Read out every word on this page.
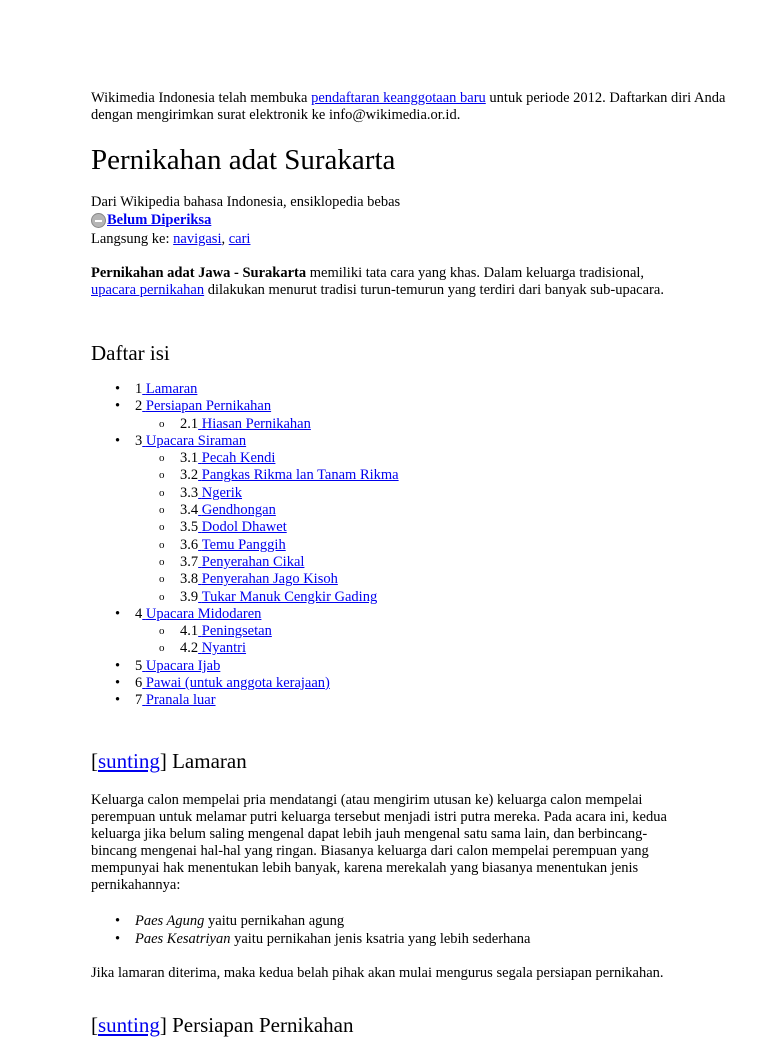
Wikimedia Indonesia telah membuka pendaftaran keanggotaan baru untuk periode 2012. Daftarkan diri Anda dengan mengirimkan surat elektronik ke info@wikimedia.or.id.
Pernikahan adat Surakarta
Dari Wikipedia bahasa Indonesia, ensiklopedia bebas
Belum Diperiksa
Langsung ke: navigasi, cari
Pernikahan adat Jawa - Surakarta memiliki tata cara yang khas. Dalam keluarga tradisional, upacara pernikahan dilakukan menurut tradisi turun-temurun yang terdiri dari banyak sub-upacara.
Daftar isi
• 1 Lamaran
• 2 Persiapan Pernikahan
o 2.1 Hiasan Pernikahan
• 3 Upacara Siraman
o 3.1 Pecah Kendi
o 3.2 Pangkas Rikma lan Tanam Rikma
o 3.3 Ngerik
o 3.4 Gendhongan
o 3.5 Dodol Dhawet
o 3.6 Temu Panggih
o 3.7 Penyerahan Cikal
o 3.8 Penyerahan Jago Kisoh
o 3.9 Tukar Manuk Cengkir Gading
• 4 Upacara Midodaren
o 4.1 Peningsetan
o 4.2 Nyantri
• 5 Upacara Ijab
• 6 Pawai (untuk anggota kerajaan)
• 7 Pranala luar
[sunting] Lamaran
Keluarga calon mempelai pria mendatangi (atau mengirim utusan ke) keluarga calon mempelai perempuan untuk melamar putri keluarga tersebut menjadi istri putra mereka. Pada acara ini, kedua keluarga jika belum saling mengenal dapat lebih jauh mengenal satu sama lain, dan berbincang-bincang mengenai hal-hal yang ringan. Biasanya keluarga dari calon mempelai perempuan yang mempunyai hak menentukan lebih banyak, karena merekalah yang biasanya menentukan jenis pernikahannya:
• Paes Agung yaitu pernikahan agung
• Paes Kesatriyan yaitu pernikahan jenis ksatria yang lebih sederhana
Jika lamaran diterima, maka kedua belah pihak akan mulai mengurus segala persiapan pernikahan.
[sunting] Persiapan Pernikahan
